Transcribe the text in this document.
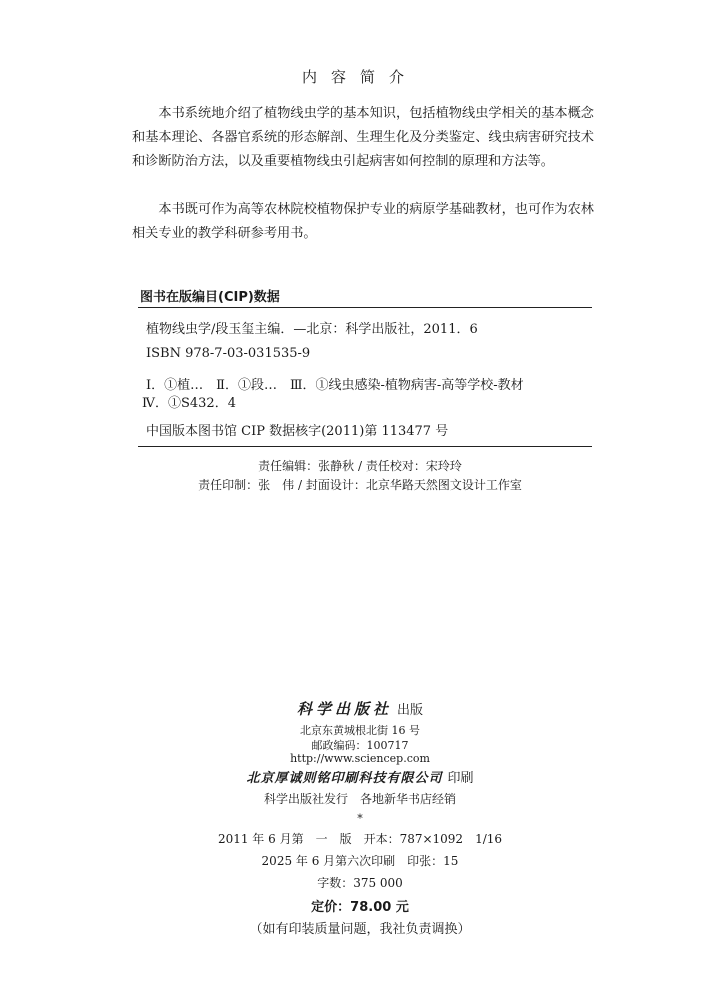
内容简介
本书系统地介绍了植物线虫学的基本知识，包括植物线虫学相关的基本概念和基本理论、各器官系统的形态解剖、生理生化及分类鉴定、线虫病害研究技术和诊断防治方法，以及重要植物线虫引起病害如何控制的原理和方法等。
本书既可作为高等农林院校植物保护专业的病原学基础教材，也可作为农林相关专业的教学科研参考用书。
图书在版编目(CIP)数据
植物线虫学/段玉玺主编．—北京：科学出版社，2011．6
ISBN 978-7-03-031535-9
Ⅰ．①植…　Ⅱ．①段…　Ⅲ．①线虫感染-植物病害-高等学校-教材
Ⅳ．①S432．4
中国版本图书馆 CIP 数据核字(2011)第 113477 号
责任编辑：张静秋 / 责任校对：宋玲玲
责任印制：张　伟 / 封面设计：北京华路天然图文设计工作室
科学出版社 出版
北京东黄城根北街 16 号
邮政编码：100717
http://www.sciencep.com
北京厚诚则铭印刷科技有限公司 印刷
科学出版社发行　各地新华书店经销
*
2011 年 6 月第　一　版　开本：787×1092　1/16
2025 年 6 月第六次印刷　印张：15
字数：375 000
定价：78.00 元
（如有印装质量问题，我社负责调换）
